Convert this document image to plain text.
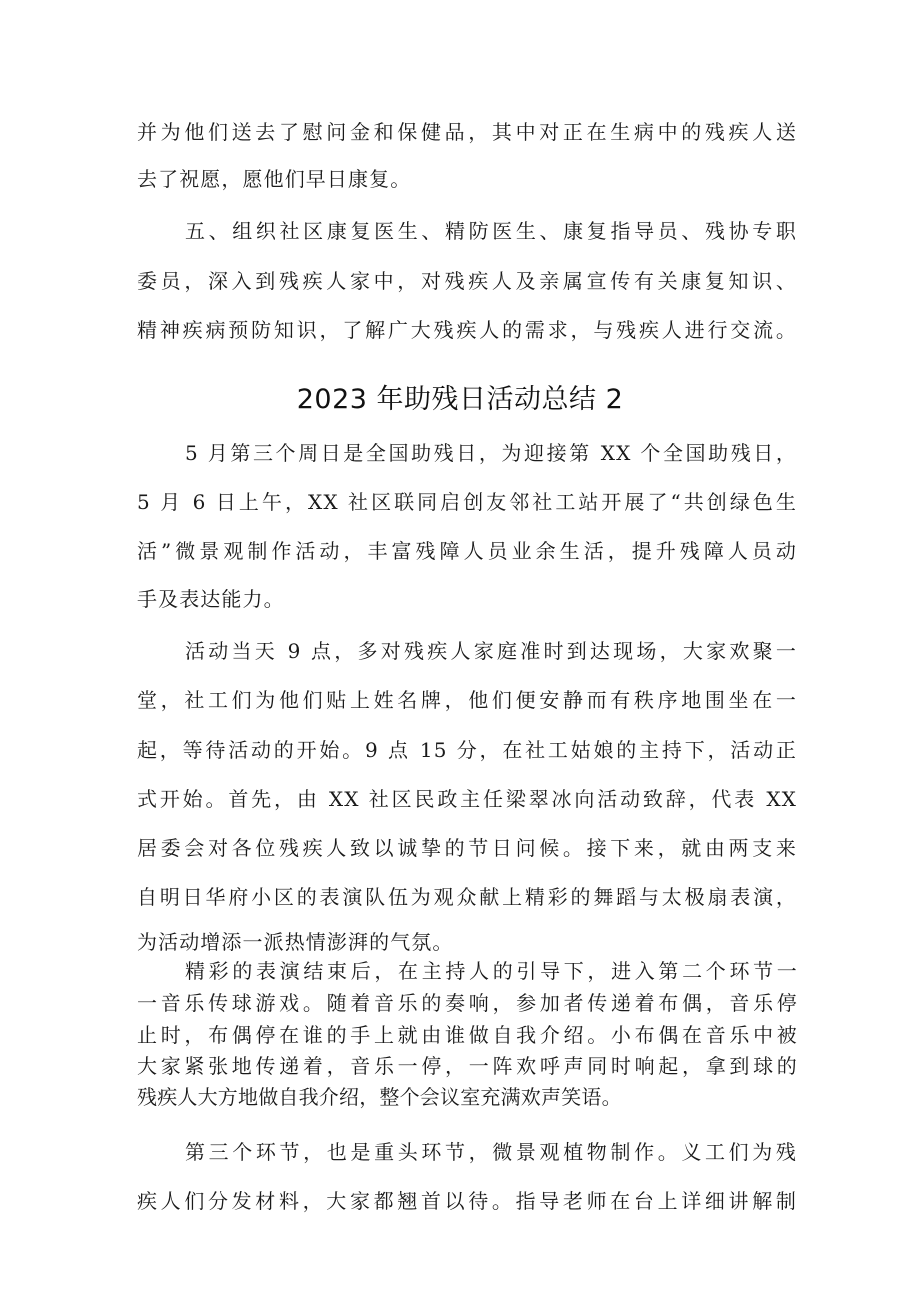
并为他们送去了慰问金和保健品，其中对正在生病中的残疾人送
去了祝愿，愿他们早日康复。
五、组织社区康复医生、精防医生、康复指导员、残协专职
委员，深入到残疾人家中，对残疾人及亲属宣传有关康复知识、
精神疾病预防知识，了解广大残疾人的需求，与残疾人进行交流。
2023 年助残日活动总结 2
5 月第三个周日是全国助残日，为迎接第 XX 个全国助残日，
5 月 6 日上午，XX 社区联同启创友邻社工站开展了“共创绿色生
活”微景观制作活动，丰富残障人员业余生活，提升残障人员动
手及表达能力。
活动当天 9 点，多对残疾人家庭准时到达现场，大家欢聚一
堂，社工们为他们贴上姓名牌，他们便安静而有秩序地围坐在一
起，等待活动的开始。9 点 15 分，在社工姑娘的主持下，活动正
式开始。首先，由 XX 社区民政主任梁翠冰向活动致辞，代表 XX
居委会对各位残疾人致以诚挚的节日问候。接下来，就由两支来
自明日华府小区的表演队伍为观众献上精彩的舞蹈与太极扇表演，
为活动增添一派热情澎湃的气氛。
精彩的表演结束后，在主持人的引导下，进入第二个环节一
一音乐传球游戏。随着音乐的奏响，参加者传递着布偶，音乐停
止时，布偶停在谁的手上就由谁做自我介绍。小布偶在音乐中被
大家紧张地传递着，音乐一停，一阵欢呼声同时响起，拿到球的
残疾人大方地做自我介绍，整个会议室充满欢声笑语。
第三个环节，也是重头环节，微景观植物制作。义工们为残
疾人们分发材料，大家都翘首以待。指导老师在台上详细讲解制
